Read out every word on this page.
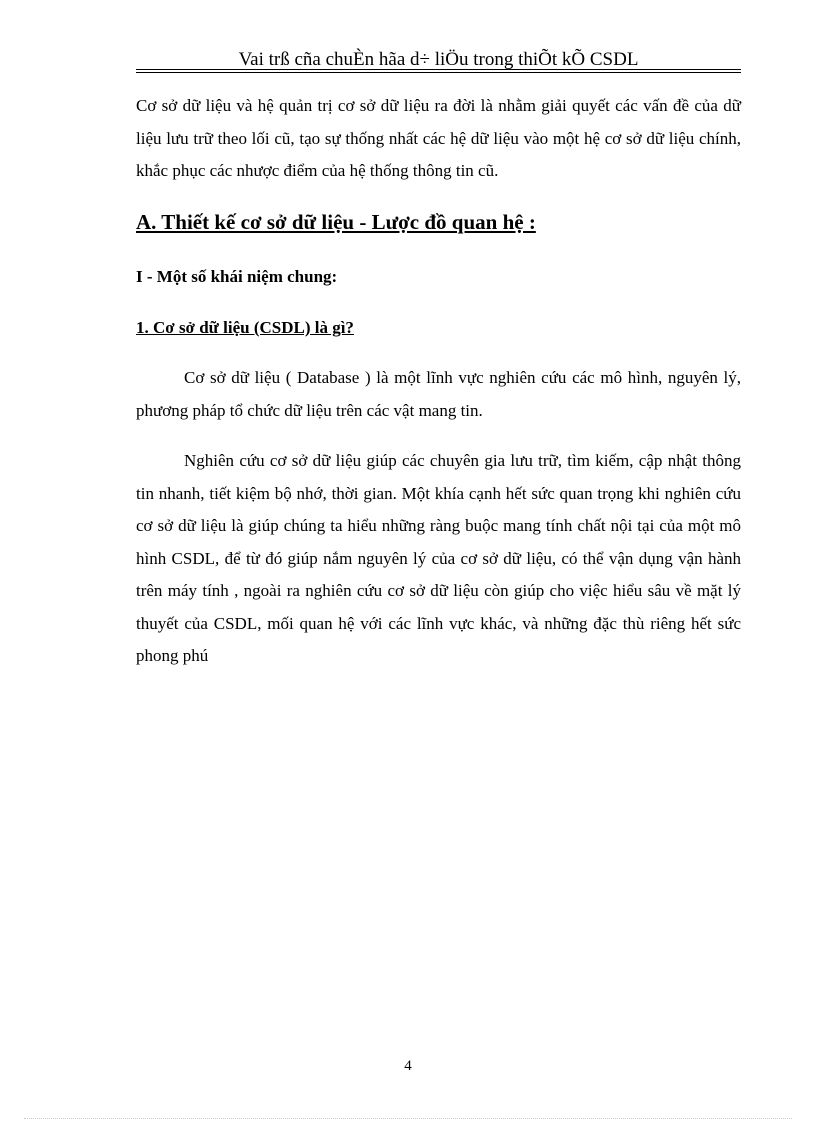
Vai trß cña chuÈn hãa d÷ liÖu trong thiÕt kÕ CSDL

Cơ sở dữ liệu và hệ quản trị cơ sở dữ liệu ra đời là nhằm giải quyết các vấn đề của dữ liệu lưu trữ theo lối cũ, tạo sự thống nhất các hệ dữ liệu vào một hệ cơ sở dữ liệu chính, khắc phục các nhược điểm của hệ thống thông tin cũ.

A. Thiết kế cơ sở dữ liệu - Lược đồ quan hệ :
I - Một số khái niệm chung:
1. Cơ sở dữ liệu (CSDL) là gì?

Cơ sở dữ liệu ( Database ) là một lĩnh vực nghiên cứu các mô hình, nguyên lý, phương pháp tổ chức dữ liệu trên các vật mang tin.

Nghiên cứu cơ sở dữ liệu giúp các chuyên gia lưu trữ, tìm kiếm, cập nhật thông tin nhanh, tiết kiệm bộ nhớ, thời gian. Một khía cạnh hết sức quan trọng khi nghiên cứu cơ sở dữ liệu là giúp chúng ta hiểu những ràng buộc mang tính chất nội tại của một mô hình CSDL, để từ đó giúp nắm nguyên lý của cơ sở dữ liệu, có thể vận dụng vận hành trên máy tính , ngoài ra nghiên cứu cơ sở dữ liệu còn giúp cho việc hiểu sâu về mặt lý thuyết của CSDL, mối quan hệ với các lĩnh vực khác, và những đặc thù riêng hết sức phong phú

4
